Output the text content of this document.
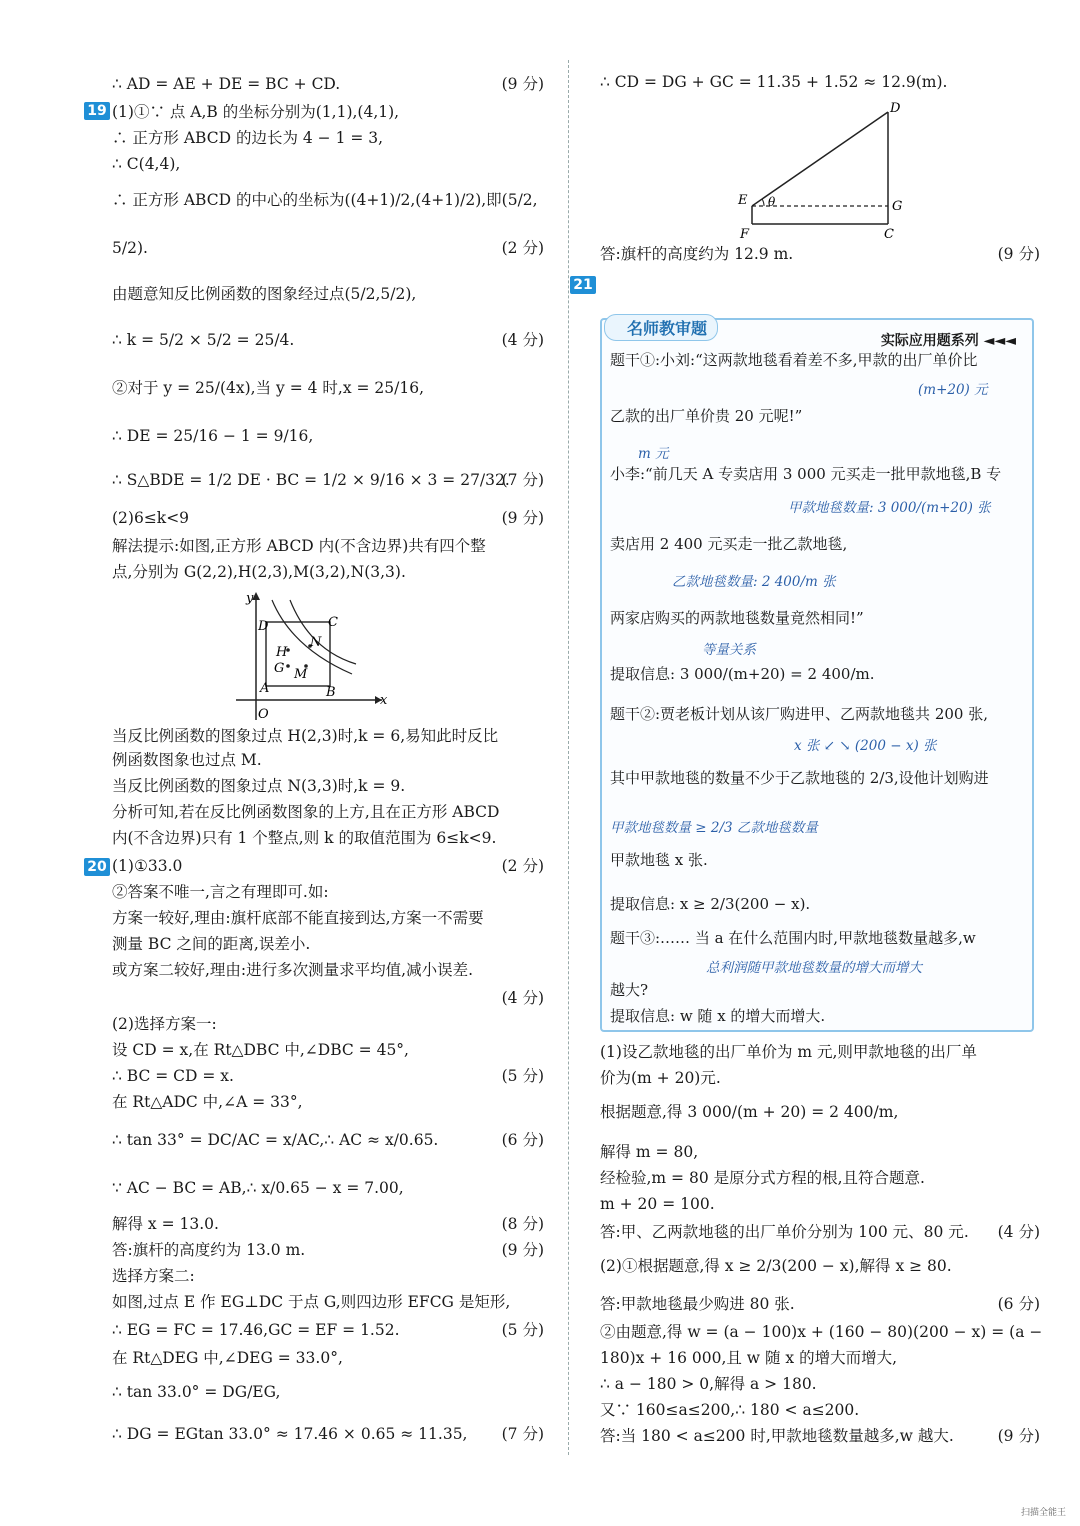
∴ AD = AE + DE = BC + CD.	(9 分)
(1)①∵ 点 A,B 的坐标分别为(1,1),(4,1),
∴ 正方形 ABCD 的边长为 4 − 1 = 3,
∴ C(4,4),
∴ 正方形 ABCD 的中心的坐标为((4+1)/2,(4+1)/2),即(5/2,
5/2).	(2 分)
由题意知反比例函数的图象经过点(5/2,5/2),
∴ k = 5/2 × 5/2 = 25/4.	(4 分)
②对于 y = 25/(4x),当 y = 4 时,x = 25/16,
∴ DE = 25/16 − 1 = 9/16,
∴ S△BDE = 1/2 DE · BC = 1/2 × 9/16 × 3 = 27/32.
(7 分)
(2)6≤k<9	(9 分)
解法提示:如图,正方形 ABCD 内(不含边界)共有四个整
点,分别为 G(2,2),H(2,3),M(3,2),N(3,3).
当反比例函数的图象过点 H(2,3)时,k = 6,易知此时反比
例函数图象也过点 M.
当反比例函数的图象过点 N(3,3)时,k = 9.
分析可知,若在反比例函数图象的上方,且在正方形 ABCD
内(不含边界)只有 1 个整点,则 k 的取值范围为 6≤k<9.
(1)①33.0	(2 分)
②答案不唯一,言之有理即可.如:
方案一较好,理由:旗杆底部不能直接到达,方案一不需要
测量 BC 之间的距离,误差小.
或方案二较好,理由:进行多次测量求平均值,减小误差.
(4 分)
(2)选择方案一:
设 CD = x,在 Rt△DBC 中,∠DBC = 45°,
∴ BC = CD = x.	(5 分)
在 Rt△ADC 中,∠A = 33°,
∴ tan 33° = DC/AC = x/AC,∴ AC ≈ x/0.65.	(6 分)
∵ AC − BC = AB,∴ x/0.65 − x = 7.00,
解得 x = 13.0.	(8 分)
答:旗杆的高度约为 13.0 m.	(9 分)
选择方案二:
如图,过点 E 作 EG⊥DC 于点 G,则四边形 EFCG 是矩形,
∴ EG = FC = 17.46,GC = EF = 1.52.	(5 分)
在 Rt△DEG 中,∠DEG = 33.0°,
∴ tan 33.0° = DG/EG,
∴ DG = EGtan 33.0° ≈ 17.46 × 0.65 ≈ 11.35, (7 分)
19
20
y
x
O
A	B
C
D
H
G M
N
∴ CD = DG + GC = 11.35 + 1.52 ≈ 12.9(m).
答:旗杆的高度约为 12.9 m.	(9 分)
(1)设乙款地毯的出厂单价为 m 元,则甲款地毯的出厂单
价为(m + 20)元.
根据题意,得 3 000/(m + 20) = 2 400/m,
解得 m = 80,
经检验,m = 80 是原分式方程的根,且符合题意.
m + 20 = 100.
答:甲、乙两款地毯的出厂单价分别为 100 元、80 元. (4 分)
(2)①根据题意,得 x ≥ 2/3(200 − x),解得 x ≥ 80.
答:甲款地毯最少购进 80 张.	(6 分)
②由题意,得 w = (a − 100)x + (160 − 80)(200 − x) = (a −
180)x + 16 000,且 w 随 x 的增大而增大,
∴ a − 180 > 0,解得 a > 180.
又∵ 160≤a≤200,∴ 180 < a≤200.
答:当 180 < a≤200 时,甲款地毯数量越多,w 越大.	(9 分)
D
E θ	G
F	C
21
名师教审题
实际应用题系列 ◄◄◄
题干①:小刘:“这两款地毯看着差不多,甲款的出厂单价比
乙款的出厂单价贵 20 元呢!”
小李:“前几天 A 专卖店用 3 000 元买走一批甲款地毯,B 专
卖店用 2 400 元买走一批乙款地毯,
两家店购买的两款地毯数量竟然相同!”
提取信息: 3 000/(m+20) = 2 400/m.
题干②:贾老板计划从该厂购进甲、乙两款地毯共 200 张,
其中甲款地毯的数量不少于乙款地毯的 2/3,设他计划购进
甲款地毯 x 张.
提取信息: x ≥ 2/3(200 − x).
题干③:…… 当 a 在什么范围内时,甲款地毯数量越多,w
越大?
提取信息: w 随 x 的增大而增大.
(m+20) 元
m 元
甲款地毯数量: 3 000/(m+20) 张
乙款地毯数量: 2 400/m 张
等量关系
x 张 ↙ ↘ (200 − x) 张
甲款地毯数量 ≥ 2/3 乙款地毯数量
总利润随甲款地毯数量的增大而增大
扫描全能王
